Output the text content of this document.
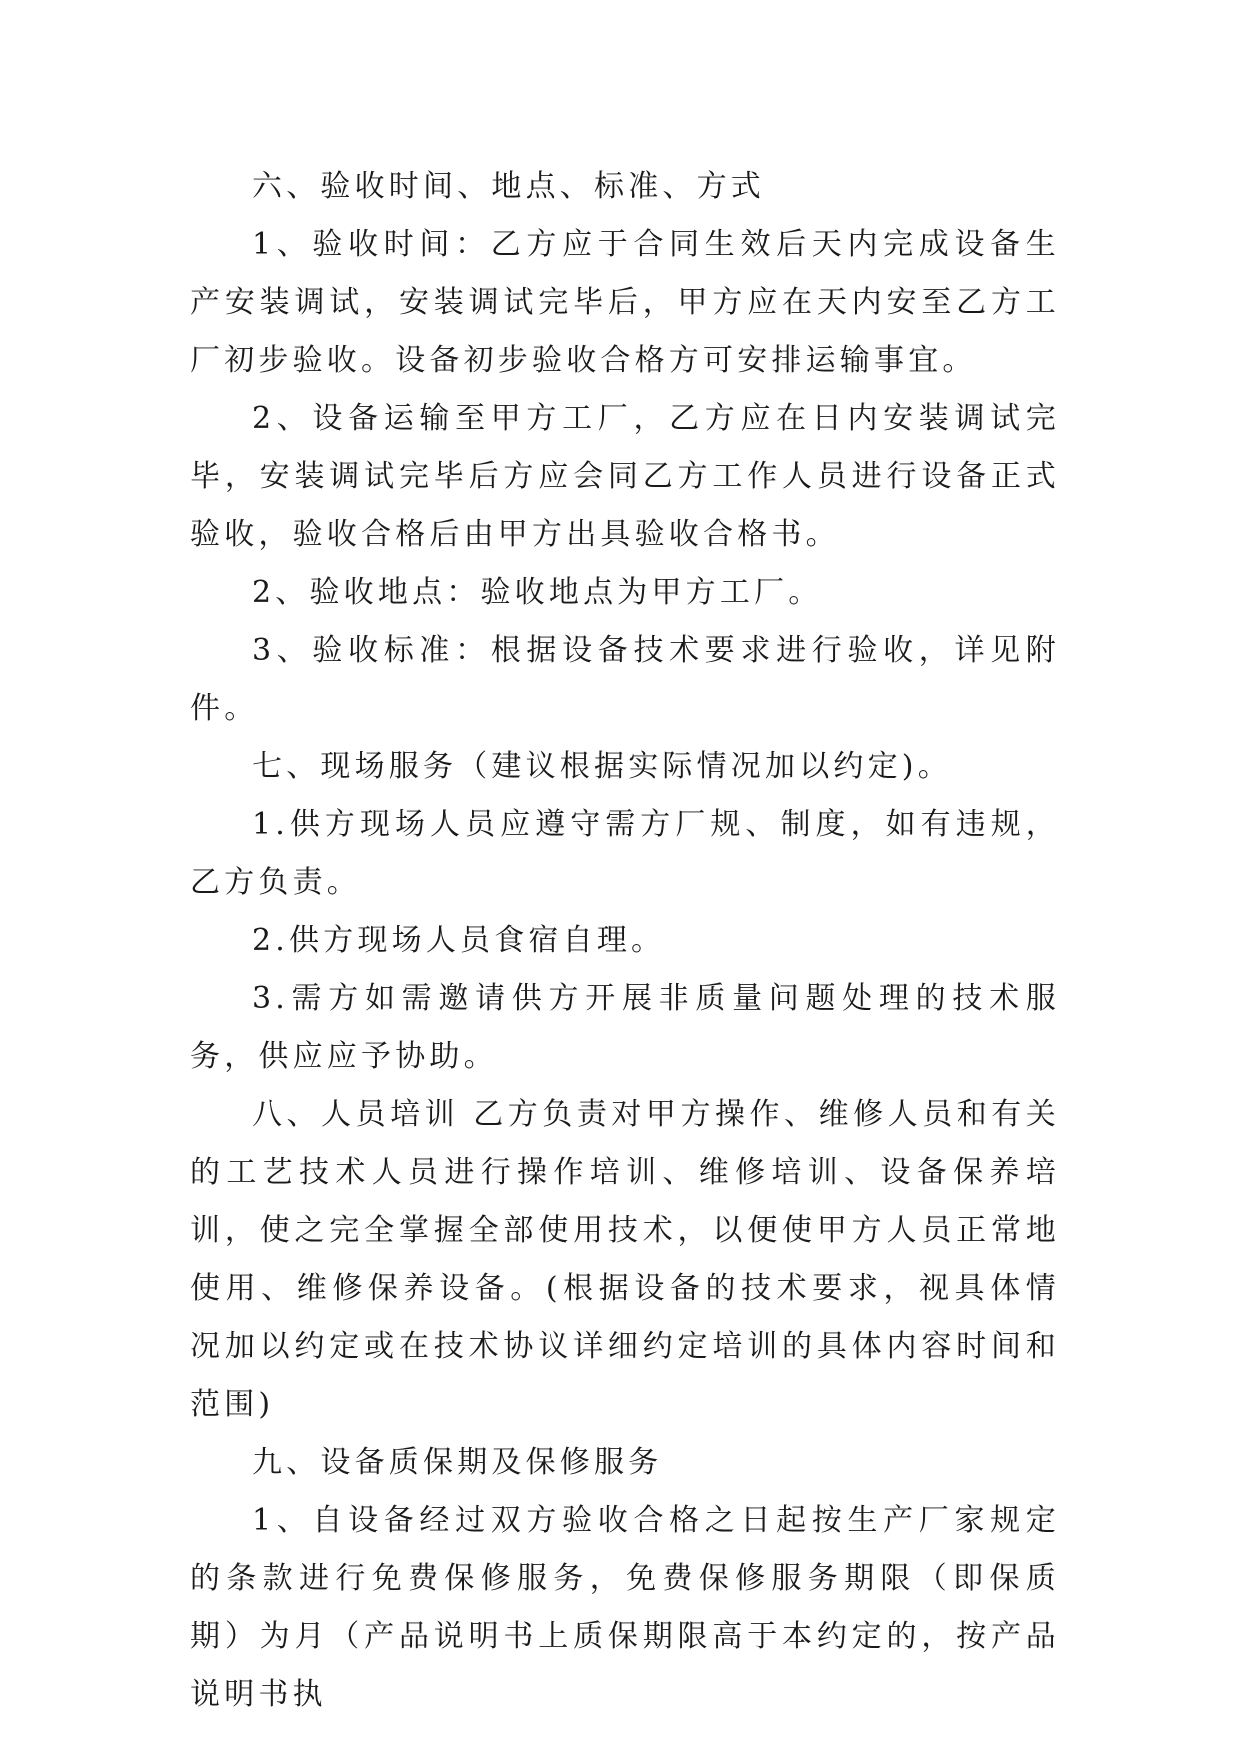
六、验收时间、地点、标准、方式

1、验收时间：乙方应于合同生效后天内完成设备生产安装调试，安装调试完毕后，甲方应在天内安至乙方工厂初步验收。设备初步验收合格方可安排运输事宜。

2、设备运输至甲方工厂，乙方应在日内安装调试完毕，安装调试完毕后方应会同乙方工作人员进行设备正式验收，验收合格后由甲方出具验收合格书。

2、验收地点：验收地点为甲方工厂。

3、验收标准：根据设备技术要求进行验收，详见附件。

七、现场服务（建议根据实际情况加以约定)。

1.供方现场人员应遵守需方厂规、制度，如有违规，乙方负责。

2.供方现场人员食宿自理。

3.需方如需邀请供方开展非质量问题处理的技术服务，供应应予协助。

八、人员培训 乙方负责对甲方操作、维修人员和有关的工艺技术人员进行操作培训、维修培训、设备保养培训，使之完全掌握全部使用技术，以便使甲方人员正常地使用、维修保养设备。(根据设备的技术要求，视具体情况加以约定或在技术协议详细约定培训的具体内容时间和范围)

九、设备质保期及保修服务

1、自设备经过双方验收合格之日起按生产厂家规定的条款进行免费保修服务，免费保修服务期限（即保质期）为月（产品说明书上质保期限高于本约定的，按产品说明书执
